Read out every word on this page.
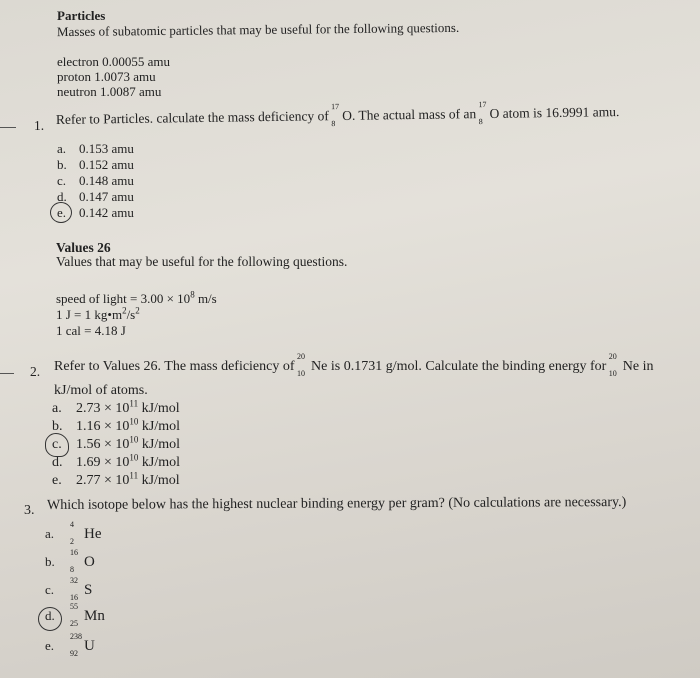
Particles
Masses of subatomic particles that may be useful for the following questions.
electron 0.00055 amu
proton 1.0073 amu
neutron 1.0087 amu
1. Refer to Particles. calculate the mass deficiency of
17
8
O. The actual mass of an
17
8
O atom is 16.9991 amu.
a. 0.153 amu
b. 0.152 amu
c. 0.148 amu
d. 0.147 amu
e. 0.142 amu
Values 26
Values that may be useful for the following questions.
speed of light = $3.00 \times 10^8$ m/s
1 J = 1 $kg•m^2/s^2$
1 cal = 4.18 J
2. Refer to Values 26. The mass deficiency of
20
10 Ne is 0.1731 g/mol. Calculate the binding energy for
20
10 Ne in
kJ/mol of atoms.
a. $2.73 \times 10^{11}$ kJ/mol
b. $1.16 \times 10^{10}$ kJ/mol
c. $1.56 \times 10^{10}$ kJ/mol
d. $1.69 \times 10^{10}$ kJ/mol
e. $2.77 \times 10^{11}$ kJ/mol
3. Which isotope below has the highest nuclear binding energy per gram? (No calculations are necessary.)
a.
4
2 He
b.
16
8 O
c.
32
16 S
d.
55
25 Mn
e.
238
92 U
